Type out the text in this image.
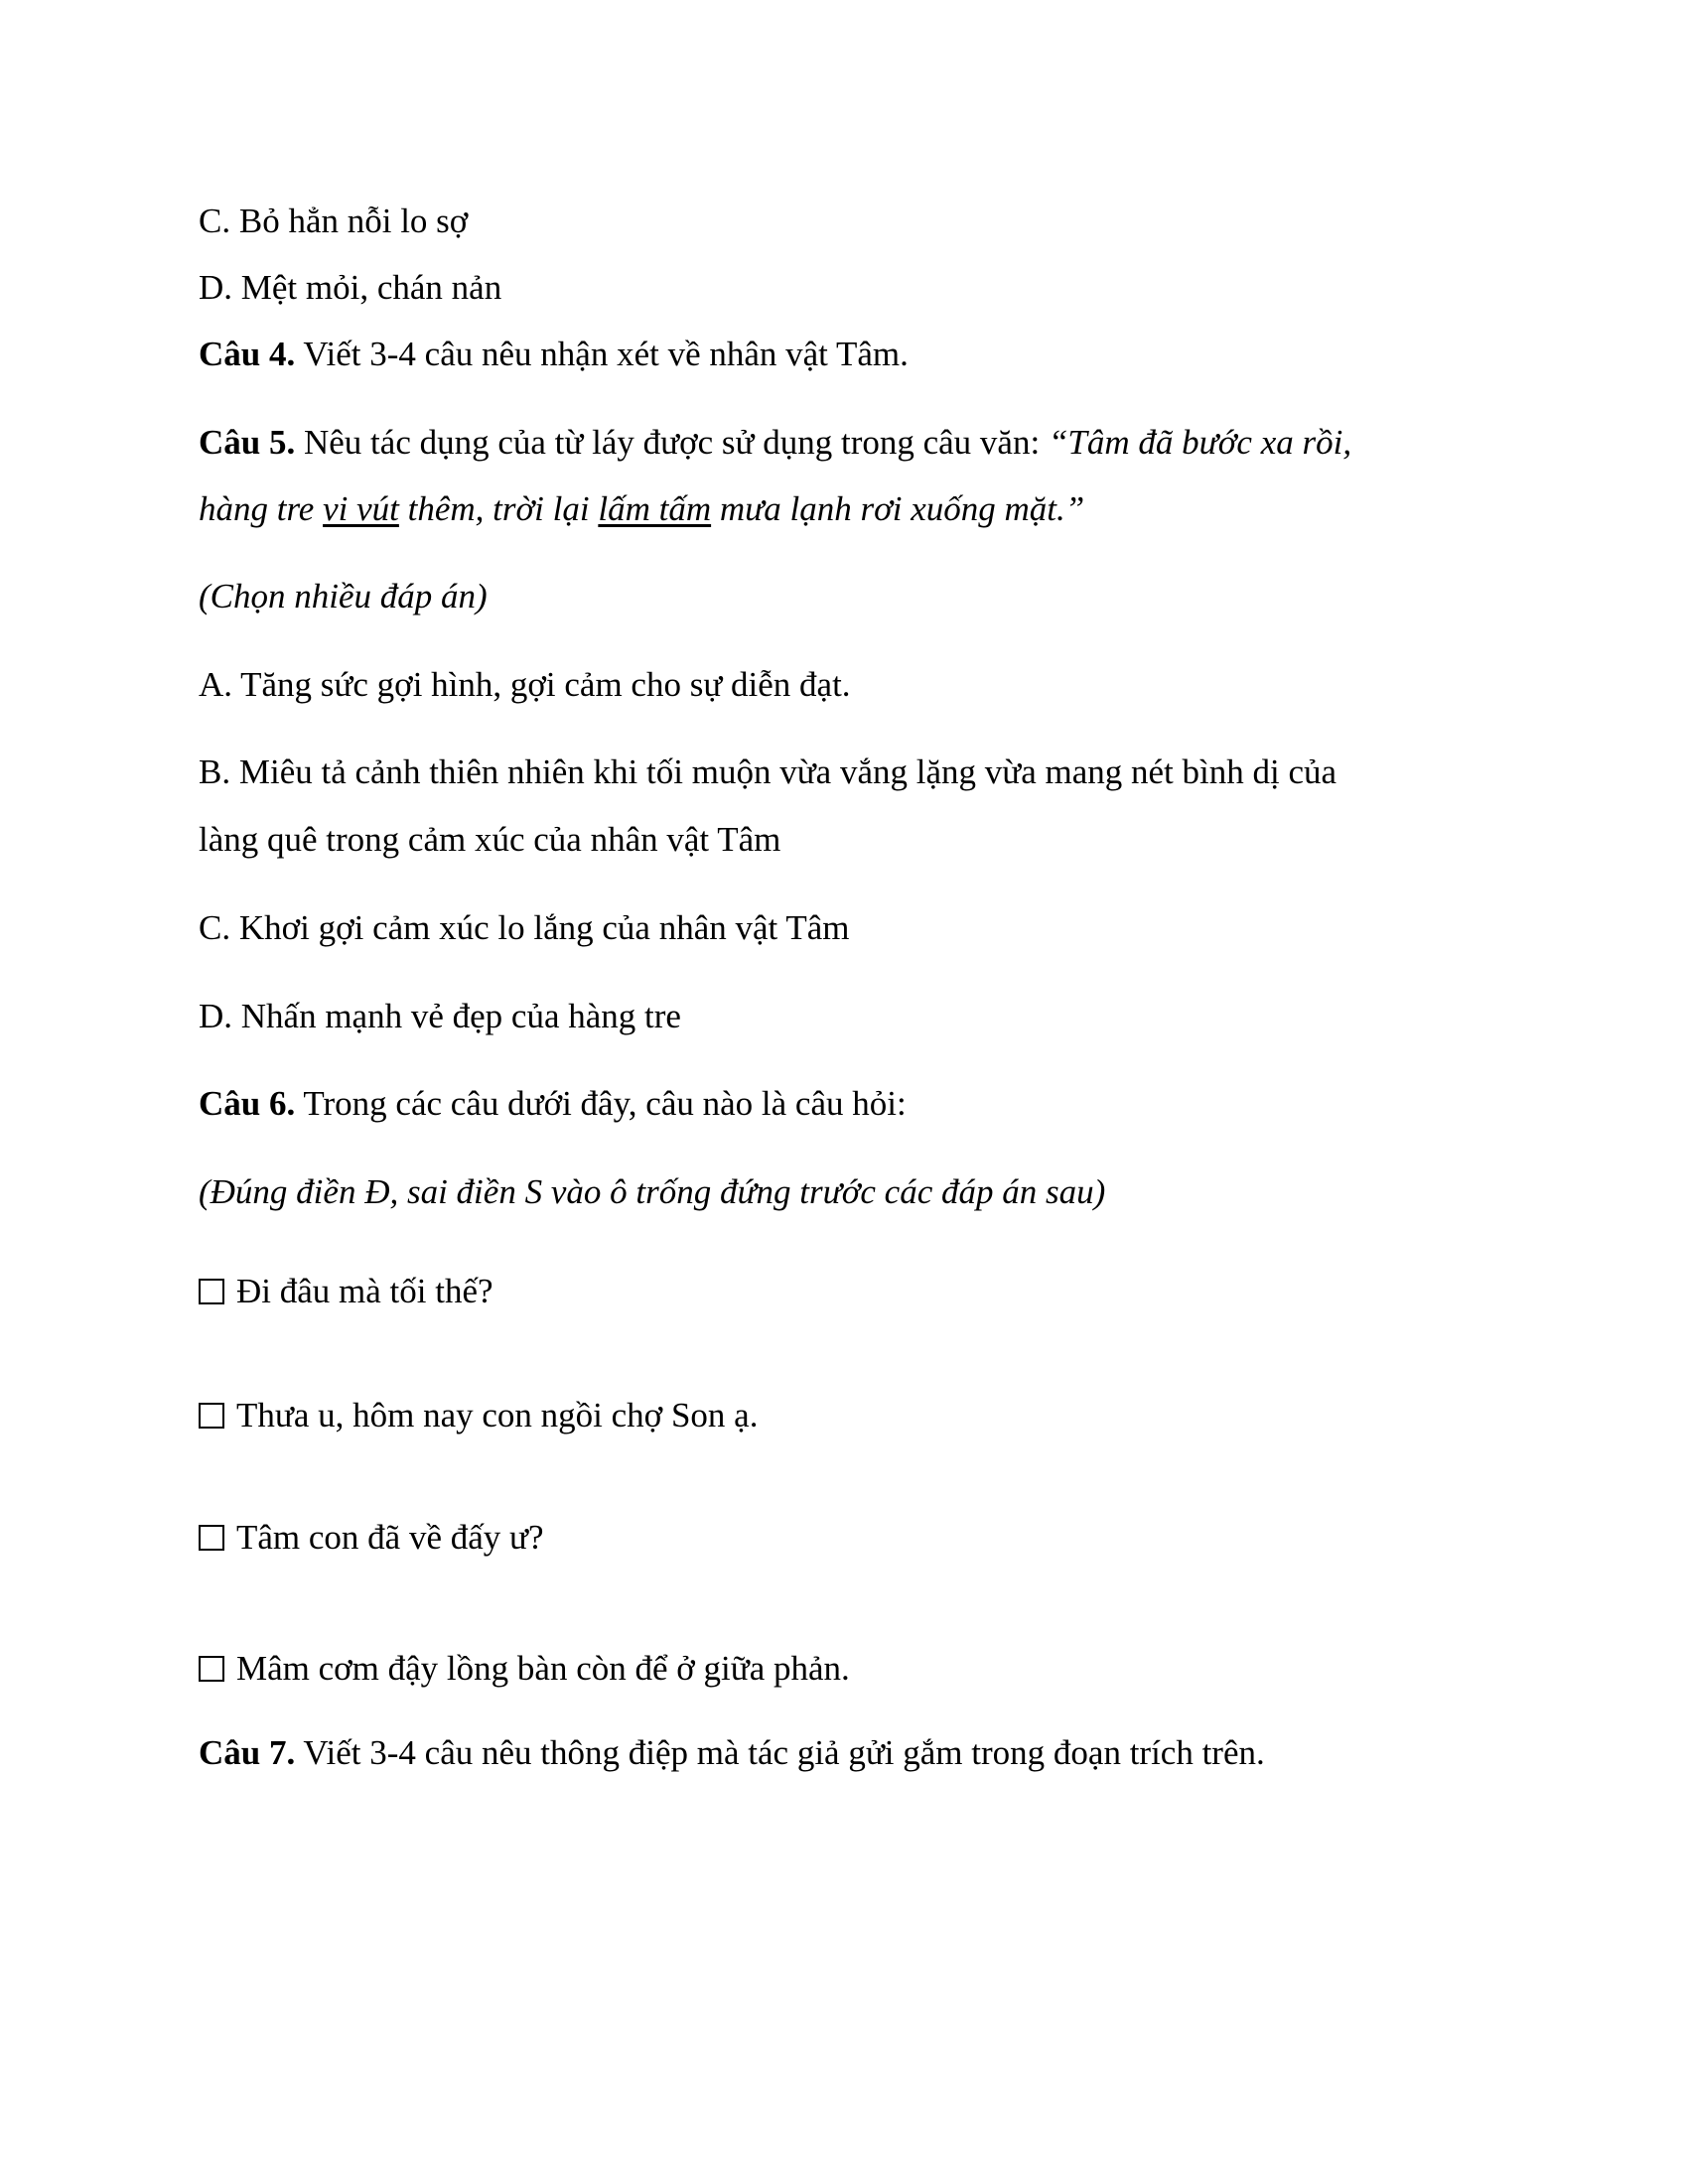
C. Bỏ hẳn nỗi lo sợ
D. Mệt mỏi, chán nản
Câu 4. Viết 3-4 câu nêu nhận xét về nhân vật Tâm.
Câu 5. Nêu tác dụng của từ láy được sử dụng trong câu văn: “Tâm đã bước xa rồi,
hàng tre vi vút thêm, trời lại lấm tấm mưa lạnh rơi xuống mặt.”
(Chọn nhiều đáp án)
A. Tăng sức gợi hình, gợi cảm cho sự diễn đạt.
B. Miêu tả cảnh thiên nhiên khi tối muộn vừa vắng lặng vừa mang nét bình dị của
làng quê trong cảm xúc của nhân vật Tâm
C. Khơi gợi cảm xúc lo lắng của nhân vật Tâm
D. Nhấn mạnh vẻ đẹp của hàng tre
Câu 6. Trong các câu dưới đây, câu nào là câu hỏi:
(Đúng điền Đ, sai điền S vào ô trống đứng trước các đáp án sau)
Đi đâu mà tối thế?
Thưa u, hôm nay con ngồi chợ Son ạ.
Tâm con đã về đấy ư?
Mâm cơm đậy lồng bàn còn để ở giữa phản.
Câu 7. Viết 3-4 câu nêu thông điệp mà tác giả gửi gắm trong đoạn trích trên.
